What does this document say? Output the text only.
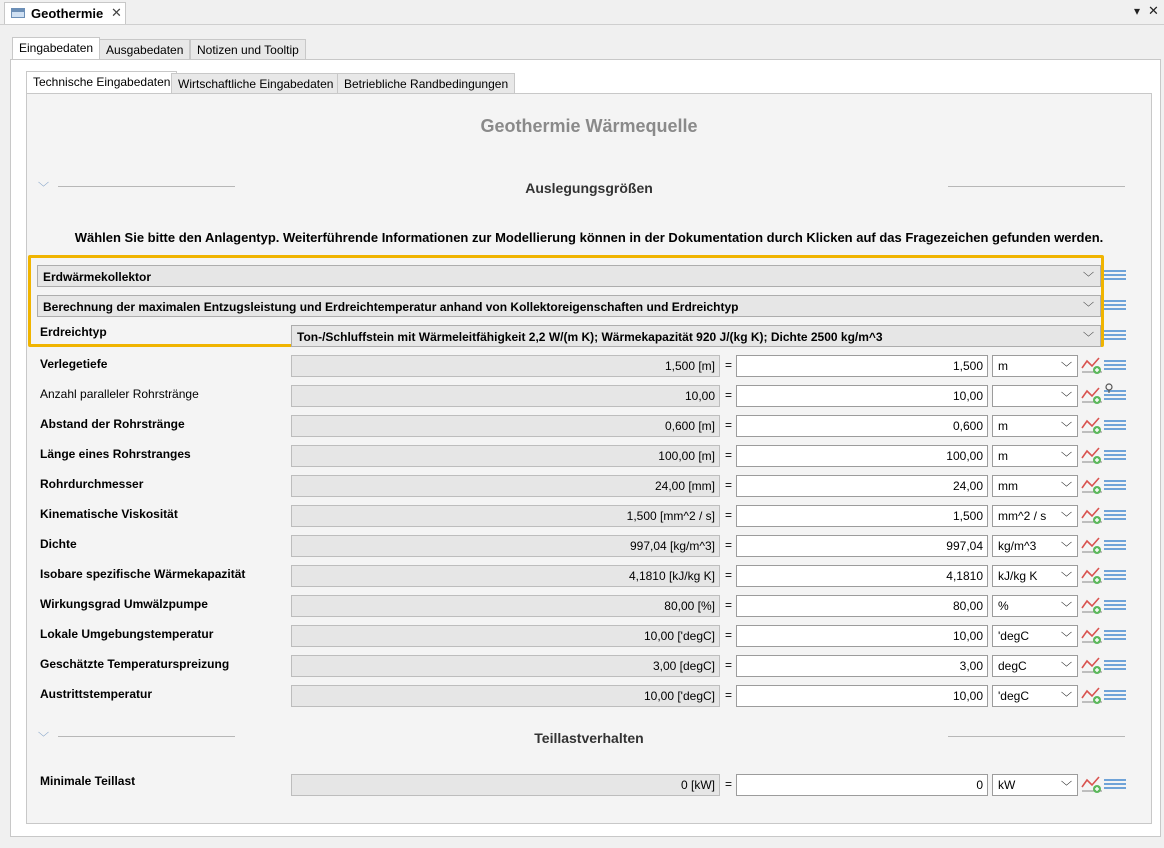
Geothermie ✕	▾ ✕
Eingabedaten	Ausgabedaten	Notizen und Tooltip
Technische Eingabedaten Wirtschaftliche Eingabedaten Betriebliche Randbedingungen
Geothermie Wärmequelle
﹀	Auslegungsgrößen
Wählen Sie bitte den Anlagentyp. Weiterführende Informationen zur Modellierung können in der Dokumentation durch Klicken auf das Fragezeichen gefunden werden.
Erdwärmekollektor	﹀
Berechnung der maximalen Entzugsleistung und Erdreichtemperatur anhand von Kollektoreigenschaften und Erdreichtyp	﹀
Erdreichtyp	Ton-/Schluffstein mit Wärmeleitfähigkeit 2,2 W/(m K); Wärmekapazität 920 J/(kg K); Dichte 2500 kg/m^3	﹀
Verlegetiefe	1,500 [m] =	1,500	m	﹀
Anzahl paralleler Rohrstränge	10,00 =	10,00	﹀
Abstand der Rohrstränge	0,600 [m] =	0,600	m	﹀
Länge eines Rohrstranges	100,00 [m] =	100,00	m	﹀
Rohrdurchmesser	24,00 [mm] =	24,00	mm	﹀
Kinematische Viskosität	1,500 [mm^2 / s] =	1,500	mm^2 / s ﹀
Dichte	997,04 [kg/m^3] =	997,04	kg/m^3 ﹀
Isobare spezifische Wärmekapazität	4,1810 [kJ/kg K] =	4,1810	kJ/kg K ﹀
Wirkungsgrad Umwälzpumpe	80,00 [%] =	80,00	%	﹀
Lokale Umgebungstemperatur	10,00 ['degC] =	10,00	'degC	﹀
Geschätzte Temperaturspreizung	3,00 [degC] =	3,00	degC	﹀
Austrittstemperatur	10,00 ['degC] =	10,00	'degC	﹀
﹀	Teillastverhalten
Minimale Teillast	0 [kW] =	0	kW	﹀
